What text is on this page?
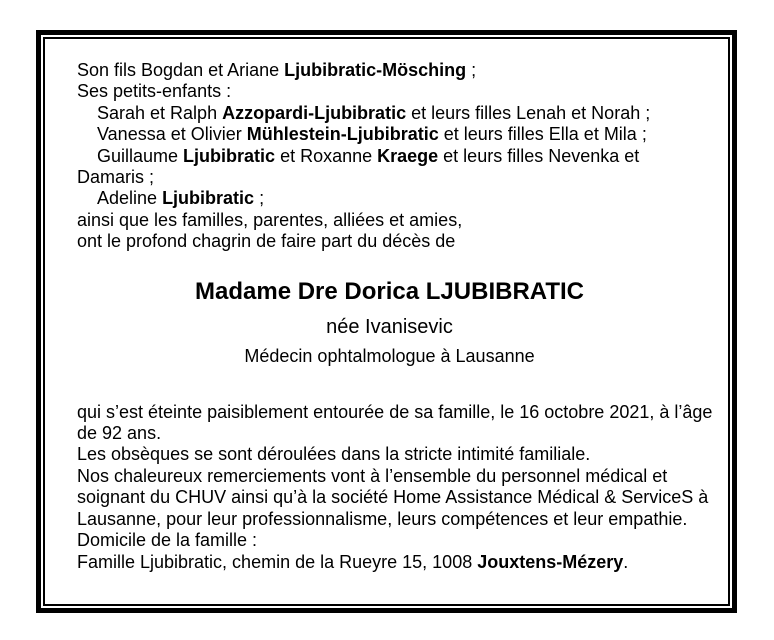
Son fils Bogdan et Ariane Ljubibratic-Mösching ;
Ses petits-enfants :
Sarah et Ralph Azzopardi-Ljubibratic et leurs filles Lenah et Norah ;
Vanessa et Olivier Mühlestein-Ljubibratic et leurs filles Ella et Mila ;
Guillaume Ljubibratic et Roxanne Kraege et leurs filles Nevenka et
Damaris ;
Adeline Ljubibratic ;
ainsi que les familles, parentes, alliées et amies,
ont le profond chagrin de faire part du décès de
Madame Dre Dorica LJUBIBRATIC
née Ivanisevic
Médecin ophtalmologue à Lausanne
qui s’est éteinte paisiblement entourée de sa famille, le 16 octobre 2021, à l’âge
de 92 ans.
Les obsèques se sont déroulées dans la stricte intimité familiale.
Nos chaleureux remerciements vont à l’ensemble du personnel médical et
soignant du CHUV ainsi qu’à la société Home Assistance Médical & ServiceS à
Lausanne, pour leur professionnalisme, leurs compétences et leur empathie.
Domicile de la famille :
Famille Ljubibratic, chemin de la Rueyre 15, 1008 Jouxtens-Mézery.
